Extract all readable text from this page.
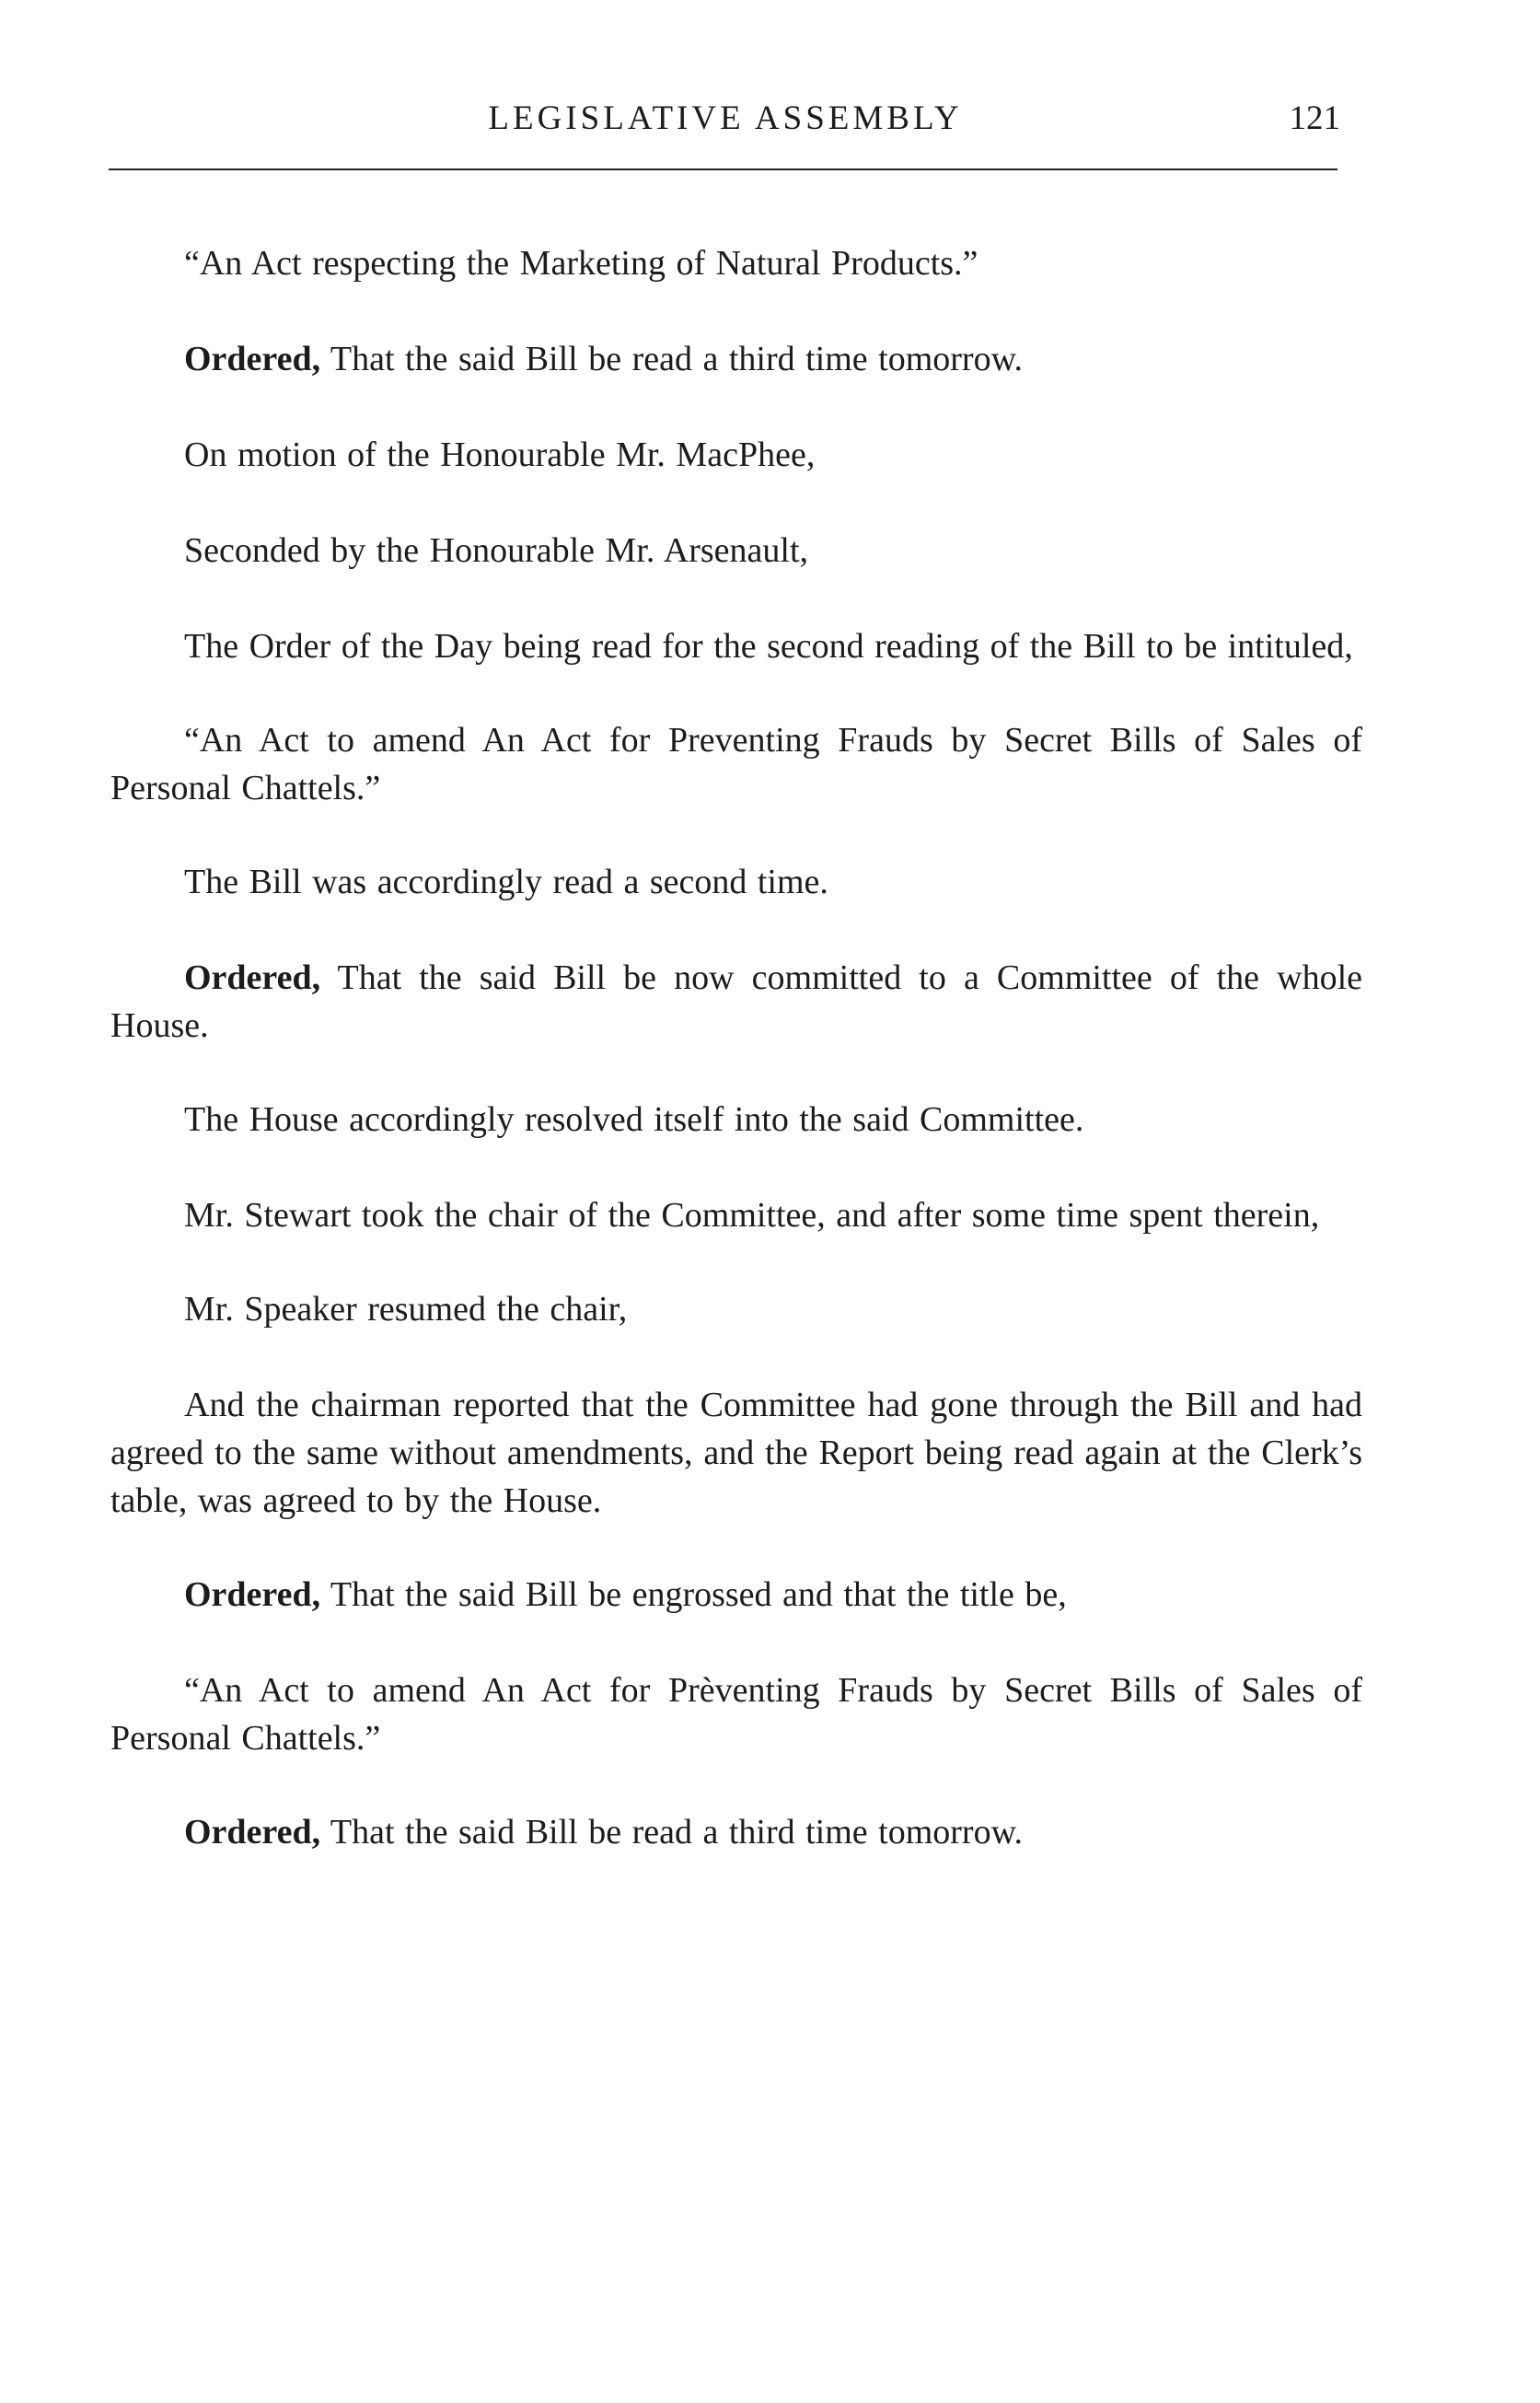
LEGISLATIVE ASSEMBLY	121

“An Act respecting the Marketing of Natural Products.”

Ordered, That the said Bill be read a third time tomorrow.

On motion of the Honourable Mr. MacPhee,

Seconded by the Honourable Mr. Arsenault,

The Order of the Day being read for the second reading of the Bill to be intituled,

“An Act to amend An Act for Preventing Frauds by Secret Bills of Sales of Personal Chattels.”

The Bill was accordingly read a second time.

Ordered, That the said Bill be now committed to a Committee of the whole House.

The House accordingly resolved itself into the said Committee.

Mr. Stewart took the chair of the Committee, and after some time spent therein,

Mr. Speaker resumed the chair,

And the chairman reported that the Committee had gone through the Bill and had agreed to the same without amendments, and the Report being read again at the Clerk’s table, was agreed to by the House.

Ordered, That the said Bill be engrossed and that the title be,

“An Act to amend An Act for Prèventing Frauds by Secret Bills of Sales of Personal Chattels.”

Ordered, That the said Bill be read a third time tomorrow.
